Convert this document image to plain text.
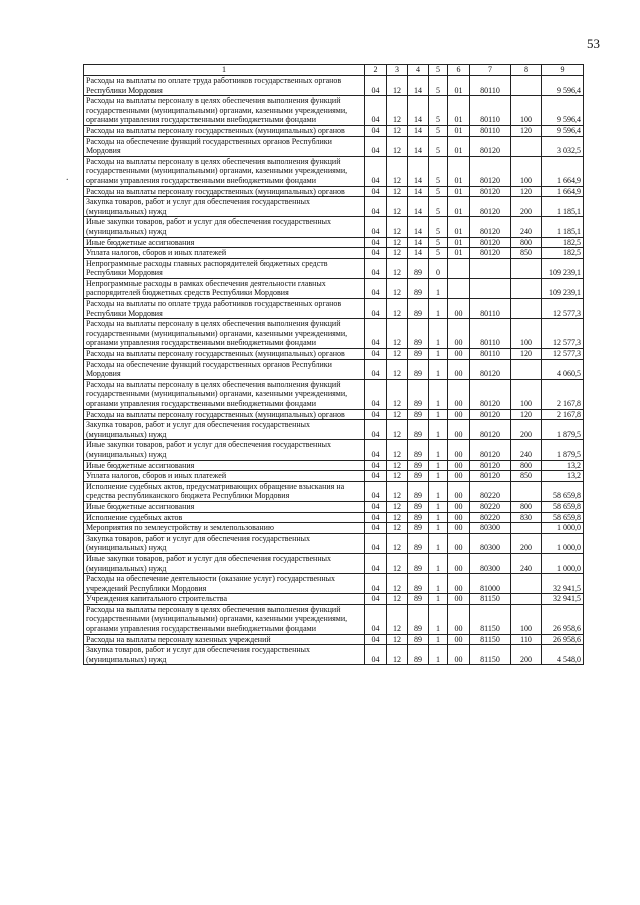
53
.
1	2	3	4	5	6	7	8	9
Расходы на выплаты по оплате труда работников государственных органов Республики Мордовия	04	12	14	5	01	80110		9 596,4
Расходы на выплаты персоналу в целях обеспечения выполнения функций государственными (муниципальными) органами, казенными учреждениями, органами управления государственными внебюджетными фондами	04	12	14	5	01	80110	100	9 596,4
Расходы на выплаты персоналу государственных (муниципальных) органов	04	12	14	5	01	80110	120	9 596,4
Расходы на обеспечение функций государственных органов Республики Мордовия	04	12	14	5	01	80120		3 032,5
Расходы на выплаты персоналу в целях обеспечения выполнения функций государственными (муниципальными) органами, казенными учреждениями, органами управления государственными внебюджетными фондами	04	12	14	5	01	80120	100	1 664,9
Расходы на выплаты персоналу государственных (муниципальных) органов	04	12	14	5	01	80120	120	1 664,9
Закупка товаров, работ и услуг для обеспечения государственных (муниципальных) нужд	04	12	14	5	01	80120	200	1 185,1
Иные закупки товаров, работ и услуг для обеспечения государственных (муниципальных) нужд	04	12	14	5	01	80120	240	1 185,1
Иные бюджетные ассигнования	04	12	14	5	01	80120	800	182,5
Уплата налогов, сборов и иных платежей	04	12	14	5	01	80120	850	182,5
Непрограммные расходы главных распорядителей бюджетных средств Республики Мордовия	04	12	89	0				109 239,1
Непрограммные расходы в рамках обеспечения деятельности главных распорядителей бюджетных средств Республики Мордовия	04	12	89	1				109 239,1
Расходы на выплаты по оплате труда работников государственных органов Республики Мордовия	04	12	89	1	00	80110		12 577,3
Расходы на выплаты персоналу в целях обеспечения выполнения функций государственными (муниципальными) органами, казенными учреждениями, органами управления государственными внебюджетными фондами	04	12	89	1	00	80110	100	12 577,3
Расходы на выплаты персоналу государственных (муниципальных) органов	04	12	89	1	00	80110	120	12 577,3
Расходы на обеспечение функций государственных органов Республики Мордовия	04	12	89	1	00	80120		4 060,5
Расходы на выплаты персоналу в целях обеспечения выполнения функций государственными (муниципальными) органами, казенными учреждениями, органами управления государственными внебюджетными фондами	04	12	89	1	00	80120	100	2 167,8
Расходы на выплаты персоналу государственных (муниципальных) органов	04	12	89	1	00	80120	120	2 167,8
Закупка товаров, работ и услуг для обеспечения государственных (муниципальных) нужд	04	12	89	1	00	80120	200	1 879,5
Иные закупки товаров, работ и услуг для обеспечения государственных (муниципальных) нужд	04	12	89	1	00	80120	240	1 879,5
Иные бюджетные ассигнования	04	12	89	1	00	80120	800	13,2
Уплата налогов, сборов и иных платежей	04	12	89	1	00	80120	850	13,2
Исполнение судебных актов, предусматривающих обращение взыскания на средства республиканского бюджета Республики Мордовия	04	12	89	1	00	80220		58 659,8
Иные бюджетные ассигнования	04	12	89	1	00	80220	800	58 659,8
Исполнение судебных актов	04	12	89	1	00	80220	830	58 659,8
Мероприятия по землеустройству и землепользованию	04	12	89	1	00	80300		1 000,0
Закупка товаров, работ и услуг для обеспечения государственных (муниципальных) нужд	04	12	89	1	00	80300	200	1 000,0
Иные закупки товаров, работ и услуг для обеспечения государственных (муниципальных) нужд	04	12	89	1	00	80300	240	1 000,0
Расходы на обеспечение деятельности (оказание услуг) государственных учреждений Республики Мордовия	04	12	89	1	00	81000		32 941,5
Учреждения капитального строительства	04	12	89	1	00	81150		32 941,5
Расходы на выплаты персоналу в целях обеспечения выполнения функций государственными (муниципальными) органами, казенными учреждениями, органами управления государственными внебюджетными фондами	04	12	89	1	00	81150	100	26 958,6
Расходы на выплаты персоналу казенных учреждений	04	12	89	1	00	81150	110	26 958,6
Закупка товаров, работ и услуг для обеспечения государственных (муниципальных) нужд	04	12	89	1	00	81150	200	4 548,0
